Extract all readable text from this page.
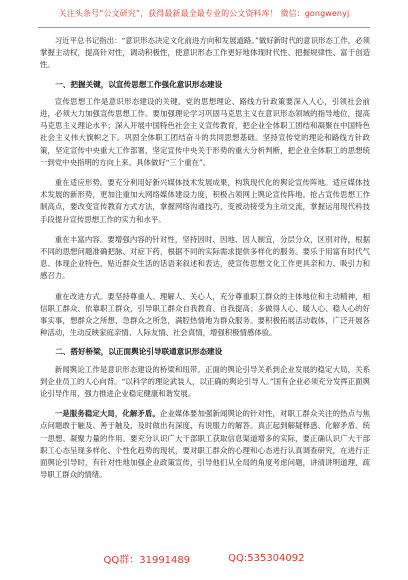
关注头条号“公文研究”，获得最新最全最专业的公文资料库！ 微信：gongwenyj

习近平总书记指出：“意识形态决定文化前进方向和发展道路。”做好新时代的意识形态工作，必须掌握主动权，提高针对性，调动积极性，使意识形态工作更好地体现时代性、把握规律性、富于创造性。

一、把握关键，以宣传思想工作强化意识形态建设

宣传思想工作是意识形态建设的关键。党的思想理论、路线方针政策要深入人心，引领社会前进，必须大力加强宣传思想工作。要加强理论学习巩固马克思主义在意识形态领域的指导地位，提高马克思主义理论水平；深入开展中国特色社会主义宣传教育，把企业全体职工团结和凝聚在中国特色社会主义伟大旗帜之下。巩固全体职工团结奋斗的共同思想基础。坚持宣传党的理论和路线方针政策，坚定宣传中央重大工作部署，坚定宣传中央关于形势的重大分析判断，把企业全体职工的思想统一到党中央指明的方向上来。具体做好“三个重在”。

重在适应形势。要充分利用好新兴媒体技术发展成果，构筑现代化的舆论宣传阵地。适应媒体技术发展的新形势，更加注重加大网络媒体建设力度，积极占领网上舆论宣传阵地。抢占宣传思想工作制高点，要改变宣传教育方式方法，掌握网络沟通技巧，变被动接受为主动交流，掌握运用现代科技手段提升宣传思想工作的实力和水平。

重在丰富内容。要增强内容的针对性，坚持因时、因地、因人制宜，分层分众，区别对待，根据不同的思想问题准确把脉、对症下药，根据不同的实际需求提供多样化的服务。要乐于用富有时代气息、体现企业特色，贴近群众生活的话语来叙述和表达，使宣传思想文化工作更具亲和力、吸引力和感召力。

重在改进方式。要坚持尊重人、理解人、关心人，充分尊重职工群众的主体地位和主动精神，相信职工群众、依靠职工群众，引导职工群众自我教育、自我提高；多做得人心、暖人心、稳人心的好事实事，想群众之所想，急群众之所急，满腔热情地为群众服务。要积极拓展活动载体，广泛开展各种活动，生动反映家庭亲情、人际友情、社会真情，增强积极情感体验。

二、搭好桥梁，以正面舆论引导联通意识形态建设

新闻舆论工作是意识形态建设的桥梁和纽带。正面的舆论引导关系到企业发展的稳定大局，关系到企业员工的人心向背。“以科学的理论武装人，以正确的舆论引导人。”国有企业必须充分发挥正面舆论引导作用，强力推进企业稳定健康和谐发展。

一是服务稳定大局，化解矛盾。企业媒体要加强新闻舆论的针对性，对职工群众关注的热点与焦点问题敢于触及、善于触及，及时做出有深度、有说服力的解答。真正起到解疑释惑、化解矛盾、统一思想、凝聚力量的作用。要充分认识广大干部职工获取信息渠道增多的实际，要正确认识广大干部职工心态呈现多样化、个性化趋势的现状，要对职工群众的心理和心态进行认真调查研究，在进行正面舆论引导时，有针对性地加强企业政策宣传，引导他们从全局的角度考虑问题，讲清讲明道理，疏导职工群众的情绪。

QQ群：31991489	QQ:535304092
